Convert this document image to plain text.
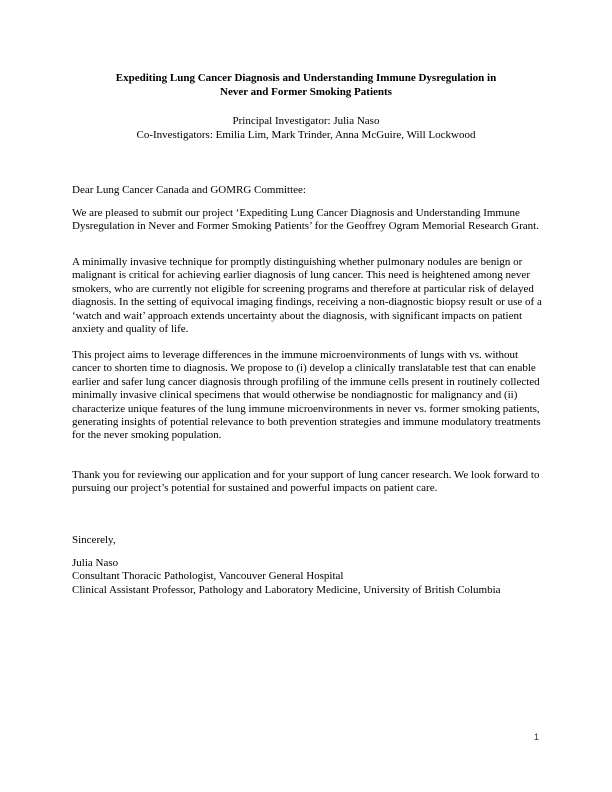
Expediting Lung Cancer Diagnosis and Understanding Immune Dysregulation in
Never and Former Smoking Patients
Principal Investigator: Julia Naso
Co-Investigators: Emilia Lim, Mark Trinder, Anna McGuire, Will Lockwood

Dear Lung Cancer Canada and GOMRG Committee:

We are pleased to submit our project ‘Expediting Lung Cancer Diagnosis and Understanding Immune Dysregulation in Never and Former Smoking Patients’ for the Geoffrey Ogram Memorial Research Grant.

A minimally invasive technique for promptly distinguishing whether pulmonary nodules are benign or malignant is critical for achieving earlier diagnosis of lung cancer. This need is heightened among never smokers, who are currently not eligible for screening programs and therefore at particular risk of delayed diagnosis. In the setting of equivocal imaging findings, receiving a non-diagnostic biopsy result or use of a ‘watch and wait’ approach extends uncertainty about the diagnosis, with significant impacts on patient anxiety and quality of life.

This project aims to leverage differences in the immune microenvironments of lungs with vs. without cancer to shorten time to diagnosis. We propose to (i) develop a clinically translatable test that can enable earlier and safer lung cancer diagnosis through profiling of the immune cells present in routinely collected minimally invasive clinical specimens that would otherwise be nondiagnostic for malignancy and (ii) characterize unique features of the lung immune microenvironments in never vs. former smoking patients, generating insights of potential relevance to both prevention strategies and immune modulatory treatments for the never smoking population.

Thank you for reviewing our application and for your support of lung cancer research. We look forward to pursuing our project’s potential for sustained and powerful impacts on patient care.

Sincerely,

Julia Naso

Consultant Thoracic Pathologist, Vancouver General Hospital

Clinical Assistant Professor, Pathology and Laboratory Medicine, University of British Columbia

1
